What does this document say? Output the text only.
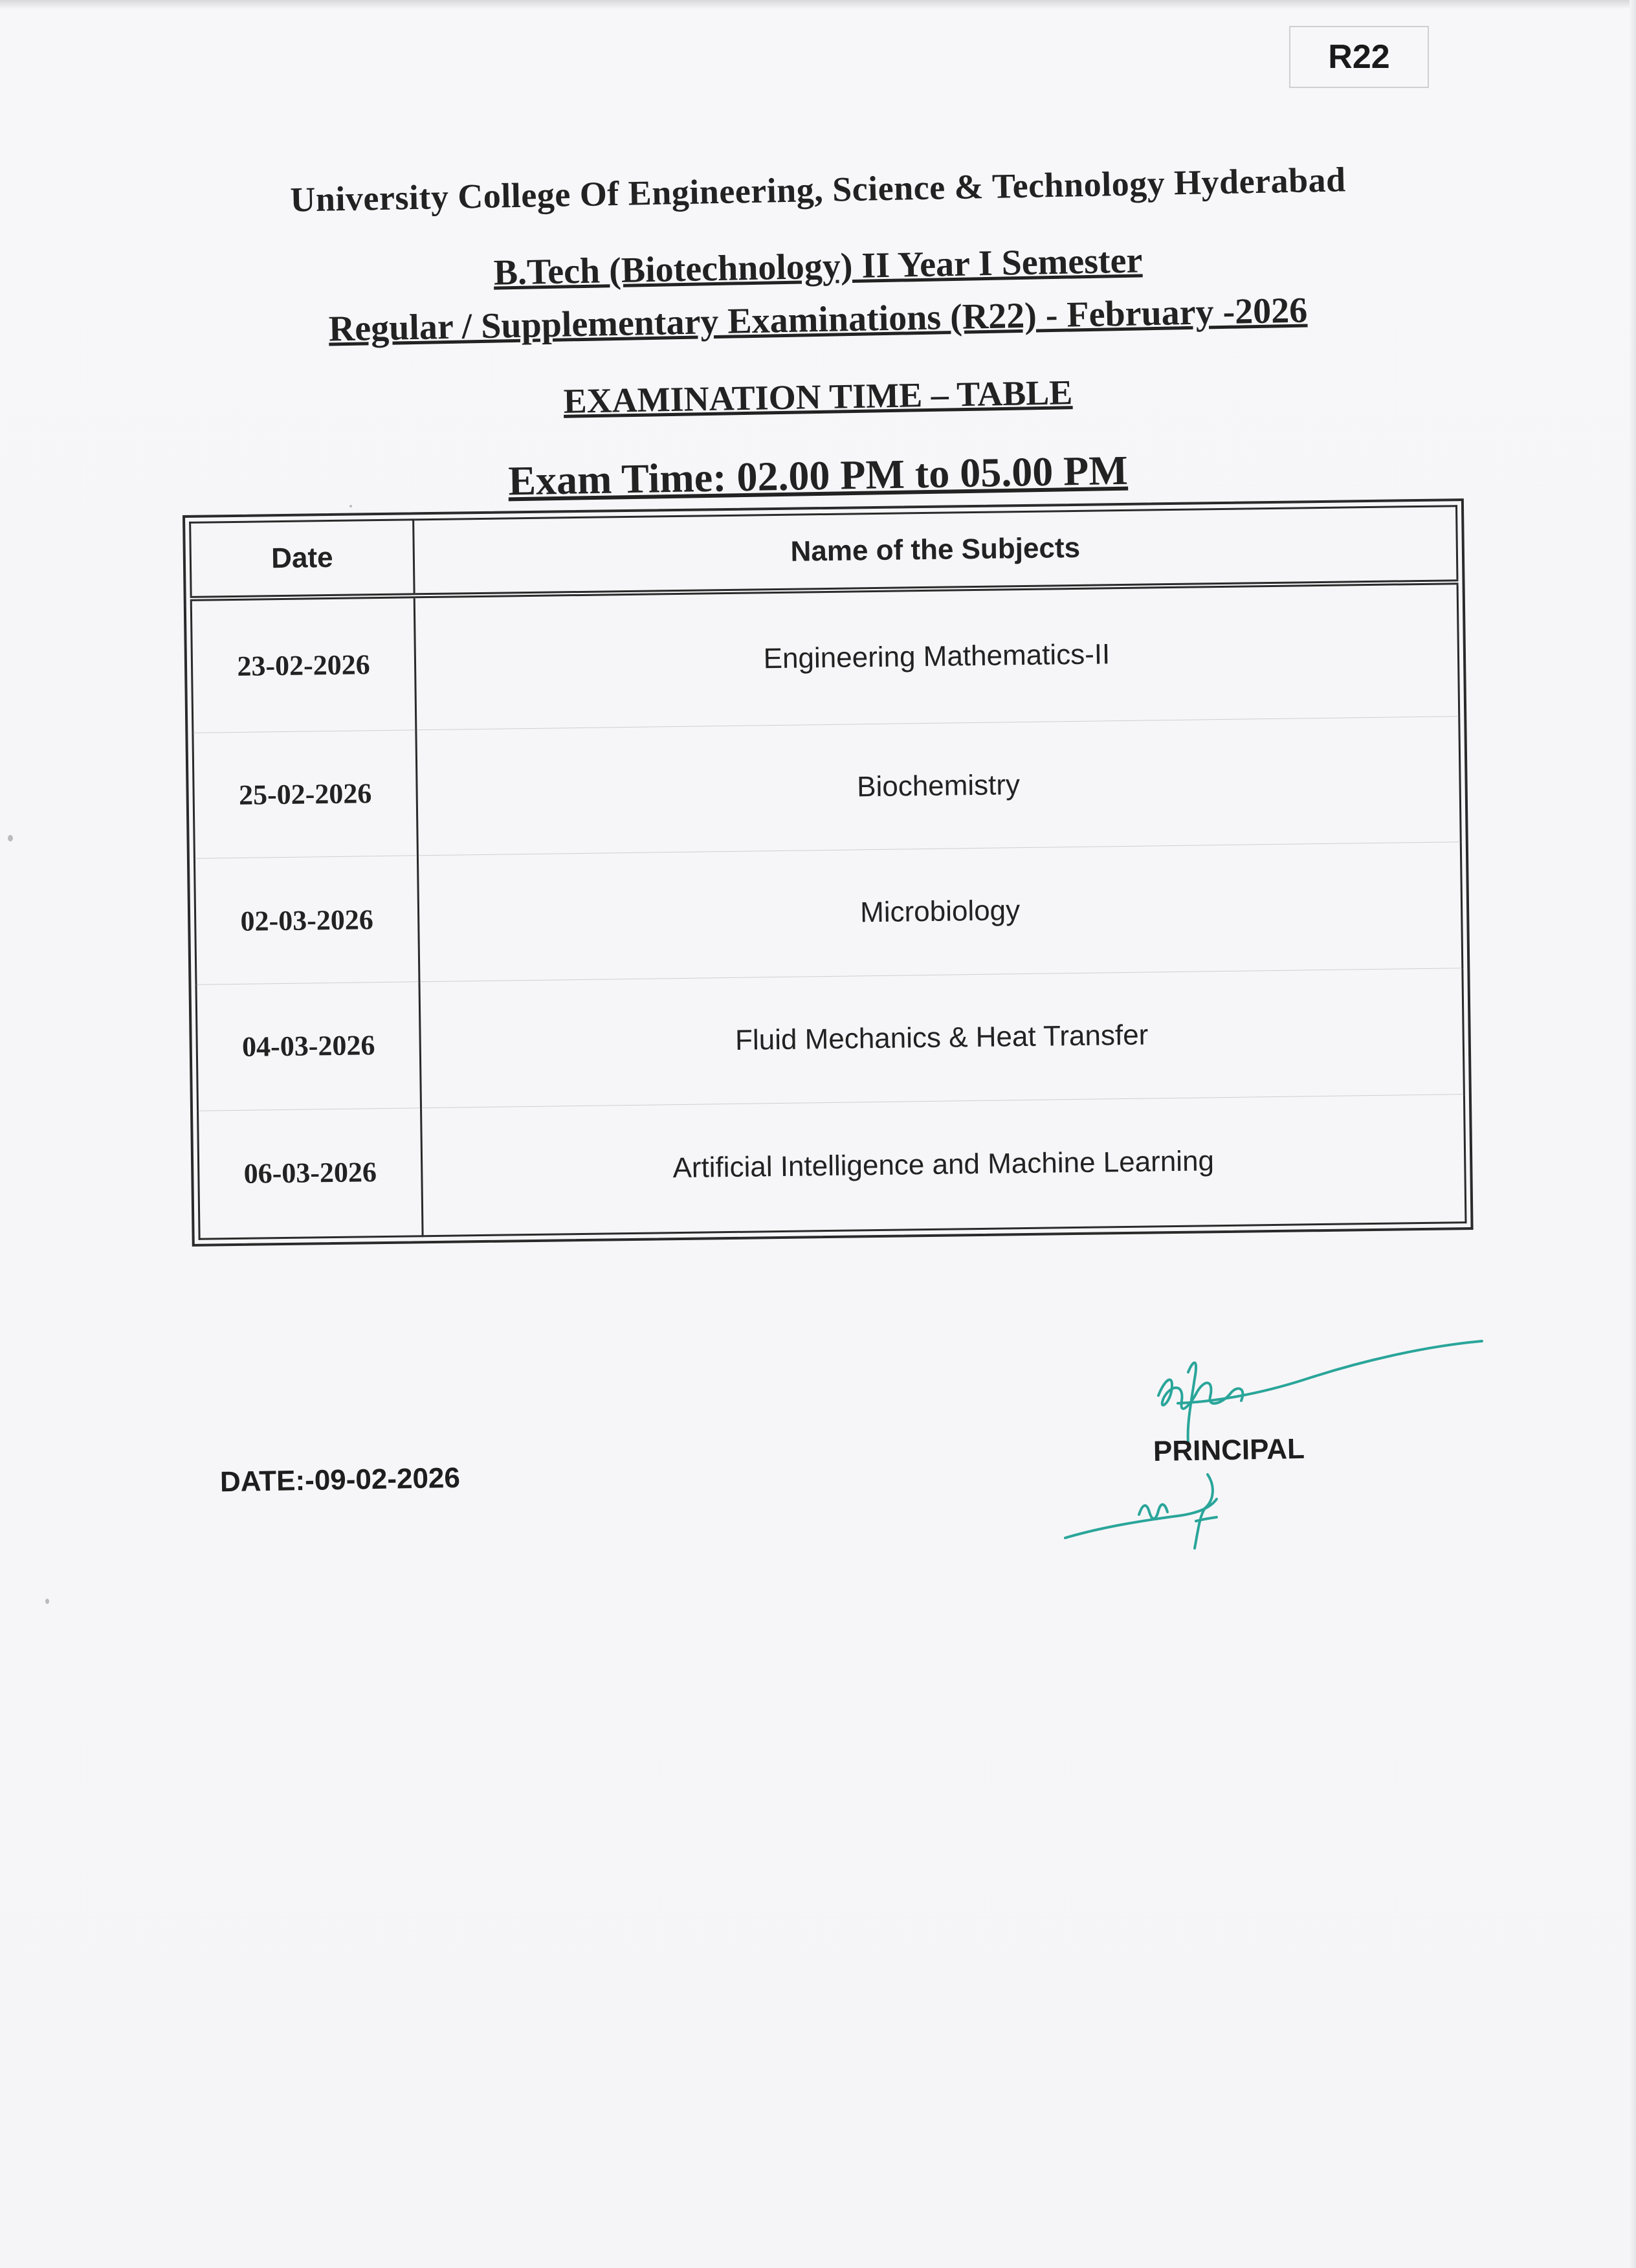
R22
University College Of Engineering, Science & Technology Hyderabad
B.Tech (Biotechnology) II Year I Semester
Regular / Supplementary Examinations (R22) - February -2026
EXAMINATION TIME – TABLE
Exam Time: 02.00 PM to 05.00 PM
Date	Name of the Subjects
23-02-2026	Engineering Mathematics-II
25-02-2026	Biochemistry
02-03-2026	Microbiology
04-03-2026	Fluid Mechanics & Heat Transfer
06-03-2026	Artificial Intelligence and Machine Learning
DATE:-09-02-2026
PRINCIPAL
